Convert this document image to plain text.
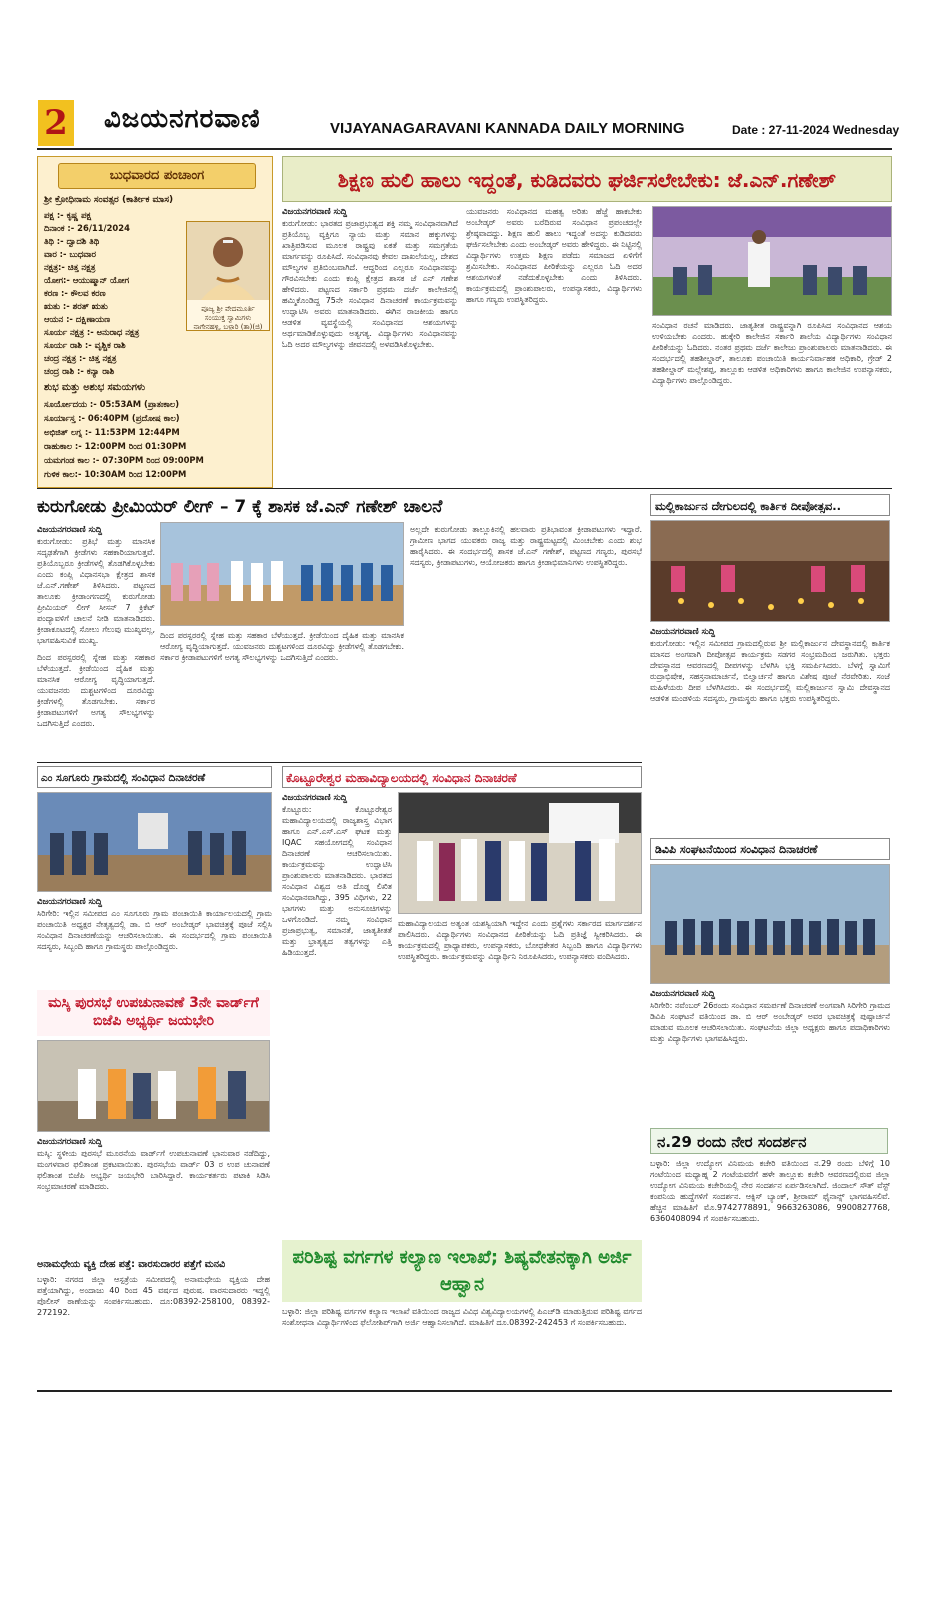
2 ವಿಜಯನಗರವಾಣಿ	VIJAYANAGARAVANI KANNADA DAILY MORNING	Date : 27-11-2024 Wednesday
ಬುಧವಾರದ ಪಂಚಾಂಗ
ಶ್ರೀ ಕ್ರೋಧಿನಾಮ ಸಂವತ್ಸರ (ಕಾರ್ತೀಕ ಮಾಸ)
ಪಕ್ಷ :- ಕೃಷ್ಣ ಪಕ್ಷ
ದಿನಾಂಕ :- 26/11/2024
ತಿಥಿ :- ದ್ವಾದಶಿ ತಿಥಿ
ವಾರ :- ಬುಧವಾರ
ನಕ್ಷತ್ರ:- ಚಿತ್ತ ನಕ್ಷತ್ರ
ಯೋಗ:- ಆಯುಷ್ಮಾನ್ ಯೋಗ
ಕರಣ :- ಕೌಲವ ಕರಣ
ಋತು :- ಶರತ್ ಋತು
ಆಯನ :- ದಕ್ಷಿಣಾಯಣ
ಸೂರ್ಯ ನಕ್ಷತ್ರ :- ಅನುರಾಧ ನಕ್ಷತ್ರ
ಸೂರ್ಯ ರಾಶಿ :- ವೃಶ್ಚಿಕ ರಾಶಿ
ಚಂದ್ರ ನಕ್ಷತ್ರ :- ಚಿತ್ತ ನಕ್ಷತ್ರ
ಚಂದ್ರ ರಾಶಿ :- ಕನ್ಯಾ ರಾಶಿ
ಶುಭ ಮತ್ತು ಅಶುಭ ಸಮಯಗಳು
ಸೂರ್ಯೋದಯ :- 05:53AM (ಪ್ರಾತಃಕಾಲ)
ಸೂರ್ಯಾಸ್ತ :- 06:40PM (ಪ್ರದೋಷ ಕಾಲ)
ಅಭಿಜಿತ್ ಲಗ್ನ :- 11:53PM 12:44PM
ರಾಹುಕಾಲ :- 12:00PM ರಿಂದ 01:30PM
ಯಮಗಂಡ ಕಾಲ :- 07:30PM ರಿಂದ 09:00PM
ಗುಳಿಕ ಕಾಲ:- 10:30AM ರಿಂದ 12:00PM
ಪೂಜ್ಯ ಶ್ರೀ ವೇದಮೂರ್ತಿ ಸಂಯುಕ್ತ ಸ್ವಾಮಿಗಳು ನಾಗೇನಹಳ್ಳಿ, ಬಳ್ಳಾರಿ (ತಾ)(ಜಿ)
ಶಿಕ್ಷಣ ಹುಲಿ ಹಾಲು ಇದ್ದಂತೆ, ಕುಡಿದವರು ಘರ್ಜಿಸಲೇಬೇಕು: ಜೆ.ಎನ್.ಗಣೇಶ್
ವಿಜಯನಗರವಾಣಿ ಸುದ್ದಿ
ಕುರುಗೋಡು: ಭಾರತದ ಪ್ರಜಾಪ್ರಭುತ್ವದ ಶಕ್ತಿ ನಮ್ಮ ಸಂವಿಧಾನವಾಗಿದೆ ಪ್ರತಿಯೊಬ್ಬ ವ್ಯಕ್ತಿಗೂ ನ್ಯಾಯ ಮತ್ತು ಸಮಾನ ಹಕ್ಕುಗಳನ್ನು ಖಾತ್ರಿಪಡಿಸುವ ಮೂಲಕ ರಾಷ್ಟ್ರವು ಏಕತೆ ಮತ್ತು ಸಮಗ್ರತೆಯ ಮಾರ್ಗವನ್ನು ರೂಪಿಸಿದೆ. ಸಂವಿಧಾನವು ಕೇವಲ ದಾಖಲೆಯಲ್ಲ, ದೇಶದ ಮೌಲ್ಯಗಳ ಪ್ರತಿಬಿಂಬವಾಗಿದೆ. ಆದ್ದರಿಂದ ಎಲ್ಲರೂ ಸಂವಿಧಾನವನ್ನು ಗೌರವಿಸಬೇಕು ಎಂದು ಕಂಪ್ಲಿ ಕ್ಷೇತ್ರದ ಶಾಸಕ ಜೆ ಎನ್ ಗಣೇಶ ಹೇಳಿದರು. ಪಟ್ಟಣದ ಸರ್ಕಾರಿ ಪ್ರಥಮ ದರ್ಜೆ ಕಾಲೇಜಿನಲ್ಲಿ ಹಮ್ಮಿಕೊಂಡಿದ್ದ 75ನೇ ಸಂವಿಧಾನ ದಿನಾಚರಣೆ ಕಾರ್ಯಕ್ರಮವನ್ನು ಉದ್ಘಾಟಿಸಿ ಅವರು ಮಾತನಾಡಿದರು. ಈಗಿನ ರಾಜಕೀಯ ಹಾಗೂ ಆಡಳಿತ ವ್ಯವಸ್ಥೆಯಲ್ಲಿ ಸಂವಿಧಾನದ ಆಶಯಗಳನ್ನು ಅರ್ಥಮಾಡಿಕೊಳ್ಳುವುದು ಅತ್ಯಗತ್ಯ. ವಿದ್ಯಾರ್ಥಿಗಳು ಸಂವಿಧಾನವನ್ನು ಓದಿ ಅದರ ಮೌಲ್ಯಗಳನ್ನು ಜೀವನದಲ್ಲಿ ಅಳವಡಿಸಿಕೊಳ್ಳಬೇಕು.
ಯುವಜನರು ಸಂವಿಧಾನದ ಮಹತ್ವ ಅರಿತು ಹೆಜ್ಜೆ ಹಾಕಬೇಕು ಅಂಬೇಡ್ಕರ್ ಅವರು ಬರೆದಿರುವ ಸಂವಿಧಾನ ಪ್ರಪಂಚದಲ್ಲೇ ಶ್ರೇಷ್ಠವಾದದ್ದು. ಶಿಕ್ಷಣ ಹುಲಿ ಹಾಲು ಇದ್ದಂತೆ ಅದನ್ನು ಕುಡಿದವರು ಘರ್ಜಿಸಲೇಬೇಕು ಎಂದು ಅಂಬೇಡ್ಕರ್ ಅವರು ಹೇಳಿದ್ದರು. ಈ ನಿಟ್ಟಿನಲ್ಲಿ ವಿದ್ಯಾರ್ಥಿಗಳು ಉತ್ತಮ ಶಿಕ್ಷಣ ಪಡೆದು ಸಮಾಜದ ಏಳಿಗೆಗೆ ಶ್ರಮಿಸಬೇಕು. ಸಂವಿಧಾನದ ಪೀಠಿಕೆಯನ್ನು ಎಲ್ಲರೂ ಓದಿ ಅದರ ಆಶಯಗಳಂತೆ ನಡೆದುಕೊಳ್ಳಬೇಕು ಎಂದು ತಿಳಿಸಿದರು. ಕಾರ್ಯಕ್ರಮದಲ್ಲಿ ಪ್ರಾಂಶುಪಾಲರು, ಉಪನ್ಯಾಸಕರು, ವಿದ್ಯಾರ್ಥಿಗಳು ಹಾಗೂ ಗಣ್ಯರು ಉಪಸ್ಥಿತರಿದ್ದರು.
ಸಂವಿಧಾನ ರಚನೆ ಮಾಡಿದರು. ಜಾತ್ಯತೀತ ರಾಷ್ಟ್ರವನ್ನಾಗಿ ರೂಪಿಸಿದ ಸಂವಿಧಾನದ ಆಶಯ ಉಳಿಯಬೇಕು ಎಂದರು. ಹುಕ್ಕೇರಿ ಕಾಲೇಜಿನ ಸರ್ಕಾರಿ ಶಾಲೆಯ ವಿದ್ಯಾರ್ಥಿಗಳು ಸಂವಿಧಾನ ಪೀಠಿಕೆಯನ್ನು ಓದಿದರು. ನಂತರ ಪ್ರಥಮ ದರ್ಜೆ ಕಾಲೇಜು ಪ್ರಾಂಶುಪಾಲರು ಮಾತನಾಡಿದರು. ಈ ಸಂದರ್ಭದಲ್ಲಿ ತಹಶೀಲ್ದಾರ್, ತಾಲೂಕು ಪಂಚಾಯಿತಿ ಕಾರ್ಯನಿರ್ವಾಹಕ ಅಧಿಕಾರಿ, ಗ್ರೇಡ್ 2 ತಹಶೀಲ್ದಾರ್ ಮಲ್ಲೇಶಪ್ಪ, ತಾಲ್ಲೂಕು ಆಡಳಿತ ಅಧಿಕಾರಿಗಳು ಹಾಗೂ ಕಾಲೇಜಿನ ಉಪನ್ಯಾಸಕರು, ವಿದ್ಯಾರ್ಥಿಗಳು ಪಾಲ್ಗೊಂಡಿದ್ದರು.
ಕುರುಗೋಡು ಪ್ರೀಮಿಯರ್ ಲೀಗ್ – 7 ಕ್ಕೆ ಶಾಸಕ ಜೆ.ಎನ್ ಗಣೇಶ್ ಚಾಲನೆ
ವಿಜಯನಗರವಾಣಿ ಸುದ್ದಿ
ಕುರುಗೋಡು: ಪ್ರತಿಭೆ ಮತ್ತು ಮಾನಸಿಕ ಸದೃಢತೆಗಾಗಿ ಕ್ರೀಡೆಗಳು ಸಹಕಾರಿಯಾಗುತ್ತವೆ. ಪ್ರತಿಯೊಬ್ಬರೂ ಕ್ರೀಡೆಗಳಲ್ಲಿ ತೊಡಗಿಕೊಳ್ಳಬೇಕು ಎಂದು ಕಂಪ್ಲಿ ವಿಧಾನಸಭಾ ಕ್ಷೇತ್ರದ ಶಾಸಕ ಜೆ.ಎನ್.ಗಣೇಶ್ ತಿಳಿಸಿದರು. ಪಟ್ಟಣದ ತಾಲೂಕು ಕ್ರೀಡಾಂಗಣದಲ್ಲಿ ಕುರುಗೋಡು ಪ್ರೀಮಿಯರ್ ಲೀಗ್ ಸೀಸನ್ 7 ಕ್ರಿಕೆಟ್ ಪಂದ್ಯಾವಳಿಗೆ ಚಾಲನೆ ನೀಡಿ ಮಾತನಾಡಿದರು. ಕ್ರೀಡಾಕೂಟದಲ್ಲಿ ಸೋಲು ಗೆಲುವು ಮುಖ್ಯವಲ್ಲ, ಭಾಗವಹಿಸುವಿಕೆ ಮುಖ್ಯ.
ದಿಂದ ಪರಸ್ಪರರಲ್ಲಿ ಸ್ನೇಹ ಮತ್ತು ಸಹಕಾರ ಬೆಳೆಯುತ್ತದೆ. ಕ್ರೀಡೆಯಿಂದ ದೈಹಿಕ ಮತ್ತು ಮಾನಸಿಕ ಆರೋಗ್ಯ ವೃದ್ಧಿಯಾಗುತ್ತದೆ. ಯುವಜನರು ದುಶ್ಚಟಗಳಿಂದ ದೂರವಿದ್ದು ಕ್ರೀಡೆಗಳಲ್ಲಿ ತೊಡಗಬೇಕು. ಸರ್ಕಾರ ಕ್ರೀಡಾಪಟುಗಳಿಗೆ ಅಗತ್ಯ ಸೌಲಭ್ಯಗಳನ್ನು ಒದಗಿಸುತ್ತಿದೆ ಎಂದರು.
ಅಲ್ಲದೇ ಕುರುಗೋಡು ತಾಲ್ಲೂಕಿನಲ್ಲಿ ಹಲವಾರು ಪ್ರತಿಭಾವಂತ ಕ್ರೀಡಾಪಟುಗಳು ಇದ್ದಾರೆ. ಗ್ರಾಮೀಣ ಭಾಗದ ಯುವಕರು ರಾಜ್ಯ ಮತ್ತು ರಾಷ್ಟ್ರಮಟ್ಟದಲ್ಲಿ ಮಿಂಚಬೇಕು ಎಂದು ಶುಭ ಹಾರೈಸಿದರು. ಈ ಸಂದರ್ಭದಲ್ಲಿ ಶಾಸಕ ಜೆ.ಎನ್ ಗಣೇಶ್, ಪಟ್ಟಣದ ಗಣ್ಯರು, ಪುರಸಭೆ ಸದಸ್ಯರು, ಕ್ರೀಡಾಪಟುಗಳು, ಆಯೋಜಕರು ಹಾಗೂ ಕ್ರೀಡಾಭಿಮಾನಿಗಳು ಉಪಸ್ಥಿತರಿದ್ದರು.
ದಿಂದ ಪರಸ್ಪರರಲ್ಲಿ ಸ್ನೇಹ ಮತ್ತು ಸಹಕಾರ ಬೆಳೆಯುತ್ತದೆ. ಕ್ರೀಡೆಯಿಂದ ದೈಹಿಕ ಮತ್ತು ಮಾನಸಿಕ ಆರೋಗ್ಯ ವೃದ್ಧಿಯಾಗುತ್ತದೆ. ಯುವಜನರು ದುಶ್ಚಟಗಳಿಂದ ದೂರವಿದ್ದು ಕ್ರೀಡೆಗಳಲ್ಲಿ ತೊಡಗಬೇಕು. ಸರ್ಕಾರ ಕ್ರೀಡಾಪಟುಗಳಿಗೆ ಅಗತ್ಯ ಸೌಲಭ್ಯಗಳನ್ನು ಒದಗಿಸುತ್ತಿದೆ ಎಂದರು.
ಮಲ್ಲಿಕಾರ್ಜುನ ದೇಗುಲದಲ್ಲಿ ಕಾರ್ತಿಕ ದೀಪೋತ್ಸವ..
ವಿಜಯನಗರವಾಣಿ ಸುದ್ದಿ
ಕುರುಗೋಡು: ಇಲ್ಲಿನ ಸಮೀಪದ ಗ್ರಾಮದಲ್ಲಿರುವ ಶ್ರೀ ಮಲ್ಲಿಕಾರ್ಜುನ ದೇವಸ್ಥಾನದಲ್ಲಿ ಕಾರ್ತಿಕ ಮಾಸದ ಅಂಗವಾಗಿ ದೀಪೋತ್ಸವ ಕಾರ್ಯಕ್ರಮ ಸಡಗರ ಸಂಭ್ರಮದಿಂದ ಜರುಗಿತು. ಭಕ್ತರು ದೇವಸ್ಥಾನದ ಆವರಣದಲ್ಲಿ ದೀಪಗಳನ್ನು ಬೆಳಗಿಸಿ ಭಕ್ತಿ ಸಮರ್ಪಿಸಿದರು. ಬೆಳಗ್ಗೆ ಸ್ವಾಮಿಗೆ ರುದ್ರಾಭಿಷೇಕ, ಸಹಸ್ರನಾಮಾರ್ಚನೆ, ಬಿಲ್ವಾರ್ಚನೆ ಹಾಗೂ ವಿಶೇಷ ಪೂಜೆ ನೆರವೇರಿತು. ಸಂಜೆ ಮಹಿಳೆಯರು ದೀಪ ಬೆಳಗಿಸಿದರು. ಈ ಸಂದರ್ಭದಲ್ಲಿ ಮಲ್ಲಿಕಾರ್ಜುನ ಸ್ವಾಮಿ ದೇವಸ್ಥಾನದ ಆಡಳಿತ ಮಂಡಳಿಯ ಸದಸ್ಯರು, ಗ್ರಾಮಸ್ಥರು ಹಾಗೂ ಭಕ್ತರು ಉಪಸ್ಥಿತರಿದ್ದರು.
ಎಂ ಸೂಗೂರು ಗ್ರಾಮದಲ್ಲಿ ಸಂವಿಧಾನ ದಿನಾಚರಣೆ
ವಿಜಯನಗರವಾಣಿ ಸುದ್ದಿ
ಸಿರಿಗೇರಿ: ಇಲ್ಲಿನ ಸಮೀಪದ ಎಂ ಸೂಗೂರು ಗ್ರಾಮ ಪಂಚಾಯಿತಿ ಕಾರ್ಯಾಲಯದಲ್ಲಿ ಗ್ರಾಮ ಪಂಚಾಯಿತಿ ಅಧ್ಯಕ್ಷರ ನೇತೃತ್ವದಲ್ಲಿ ಡಾ. ಬಿ ಆರ್ ಅಂಬೇಡ್ಕರ್ ಭಾವಚಿತ್ರಕ್ಕೆ ಪೂಜೆ ಸಲ್ಲಿಸಿ ಸಂವಿಧಾನ ದಿನಾಚರಣೆಯನ್ನು ಆಚರಿಸಲಾಯಿತು. ಈ ಸಂದರ್ಭದಲ್ಲಿ ಗ್ರಾಮ ಪಂಚಾಯಿತಿ ಸದಸ್ಯರು, ಸಿಬ್ಬಂದಿ ಹಾಗೂ ಗ್ರಾಮಸ್ಥರು ಪಾಲ್ಗೊಂಡಿದ್ದರು.
ಕೊಟ್ಟೂರೇಶ್ವರ ಮಹಾವಿದ್ಯಾಲಯದಲ್ಲಿ ಸಂವಿಧಾನ ದಿನಾಚರಣೆ
ವಿಜಯನಗರವಾಣಿ ಸುದ್ದಿ
ಕೊಟ್ಟೂರು: ಕೊಟ್ಟೂರೇಶ್ವರ ಮಹಾವಿದ್ಯಾಲಯದಲ್ಲಿ ರಾಜ್ಯಶಾಸ್ತ್ರ ವಿಭಾಗ ಹಾಗೂ ಎನ್.ಎಸ್.ಎಸ್ ಘಟಕ ಮತ್ತು IQAC ಸಹಯೋಗದಲ್ಲಿ ಸಂವಿಧಾನ ದಿನಾಚರಣೆ ಆಚರಿಸಲಾಯಿತು. ಕಾರ್ಯಕ್ರಮವನ್ನು ಉದ್ಘಾಟಿಸಿ ಪ್ರಾಂಶುಪಾಲರು ಮಾತನಾಡಿದರು. ಭಾರತದ ಸಂವಿಧಾನ ವಿಶ್ವದ ಅತಿ ದೊಡ್ಡ ಲಿಖಿತ ಸಂವಿಧಾನವಾಗಿದ್ದು, 395 ವಿಧಿಗಳು, 22 ಭಾಗಗಳು ಮತ್ತು ಅನುಸೂಚಿಗಳನ್ನು ಒಳಗೊಂಡಿದೆ. ನಮ್ಮ ಸಂವಿಧಾನ ಪ್ರಜಾಪ್ರಭುತ್ವ, ಸಮಾನತೆ, ಜಾತ್ಯತೀತತೆ ಮತ್ತು ಭ್ರಾತೃತ್ವದ ತತ್ವಗಳನ್ನು ಎತ್ತಿ ಹಿಡಿಯುತ್ತದೆ.
ಮಹಾವಿದ್ಯಾಲಯದ ಅತ್ಯಂತ ಯಶಸ್ವಿಯಾಗಿ ಇದ್ದೇನ ಎಂದು ಪ್ರಶ್ನೆಗಳು ಸರ್ಕಾರದ ಮಾರ್ಗದರ್ಶನ ಪಾಲಿಸಿದರು. ವಿದ್ಯಾರ್ಥಿಗಳು ಸಂವಿಧಾನದ ಪೀಠಿಕೆಯನ್ನು ಓದಿ ಪ್ರತಿಜ್ಞೆ ಸ್ವೀಕರಿಸಿದರು. ಈ ಕಾರ್ಯಕ್ರಮದಲ್ಲಿ ಪ್ರಾಧ್ಯಾಪಕರು, ಉಪನ್ಯಾಸಕರು, ಬೋಧಕೇತರ ಸಿಬ್ಬಂದಿ ಹಾಗೂ ವಿದ್ಯಾರ್ಥಿಗಳು ಉಪಸ್ಥಿತರಿದ್ದರು. ಕಾರ್ಯಕ್ರಮವನ್ನು ವಿದ್ಯಾರ್ಥಿನಿ ನಿರೂಪಿಸಿದರು, ಉಪನ್ಯಾಸಕರು ವಂದಿಸಿದರು.
ಡಿವಿಪಿ ಸಂಘಟನೆಯಿಂದ ಸಂವಿಧಾನ ದಿನಾಚರಣೆ
ವಿಜಯನಗರವಾಣಿ ಸುದ್ದಿ
ಸಿರಿಗೇರಿ: ನವೆಂಬರ್ 26ರಂದು ಸಂವಿಧಾನ ಸಮರ್ಪಣೆ ದಿನಾಚರಣೆ ಅಂಗವಾಗಿ ಸಿರಿಗೇರಿ ಗ್ರಾಮದ ಡಿವಿಪಿ ಸಂಘಟನೆ ವತಿಯಿಂದ ಡಾ. ಬಿ ಆರ್ ಅಂಬೇಡ್ಕರ್ ಅವರ ಭಾವಚಿತ್ರಕ್ಕೆ ಪುಷ್ಪಾರ್ಚನೆ ಮಾಡುವ ಮೂಲಕ ಆಚರಿಸಲಾಯಿತು. ಸಂಘಟನೆಯ ಜಿಲ್ಲಾ ಅಧ್ಯಕ್ಷರು ಹಾಗೂ ಪದಾಧಿಕಾರಿಗಳು ಮತ್ತು ವಿದ್ಯಾರ್ಥಿಗಳು ಭಾಗವಹಿಸಿದ್ದರು.
ಮಸ್ಕಿ ಪುರಸಭೆ ಉಪಚುನಾವಣೆ 3ನೇ ವಾರ್ಡ್‌ಗೆ ಬಿಜೆಪಿ ಅಭ್ಯರ್ಥಿ ಜಯಭೇರಿ
ವಿಜಯನಗರವಾಣಿ ಸುದ್ದಿ
ಮಸ್ಕಿ: ಸ್ಥಳೀಯ ಪುರಸಭೆ ಮೂರನೆಯ ವಾರ್ಡ್‌ಗೆ ಉಪಚುನಾವಣೆ ಭಾನುವಾರ ನಡೆದಿದ್ದು, ಮಂಗಳವಾರ ಫಲಿತಾಂಶ ಪ್ರಕಟವಾಯಿತು. ಪುರಸಭೆಯ ವಾರ್ಡ್ 03 ರ ಉಪ ಚುನಾವಣೆ ಫಲಿತಾಂಶ ಬಿಜೆಪಿ ಅಭ್ಯರ್ಥಿ ಜಯಭೇರಿ ಬಾರಿಸಿದ್ದಾರೆ. ಕಾರ್ಯಕರ್ತರು ಪಟಾಕಿ ಸಿಡಿಸಿ ಸಂಭ್ರಮಾಚರಣೆ ಮಾಡಿದರು.
ಅನಾಮಧೇಯ ವ್ಯಕ್ತಿ ದೇಹ ಪತ್ತೆ: ವಾರಸುದಾರರ ಪತ್ತೆಗೆ ಮನವಿ
ಬಳ್ಳಾರಿ: ನಗರದ ಜಿಲ್ಲಾ ಆಸ್ಪತ್ರೆಯ ಸಮೀಪದಲ್ಲಿ ಅನಾಮಧೇಯ ವ್ಯಕ್ತಿಯ ದೇಹ ಪತ್ತೆಯಾಗಿದ್ದು, ಅಂದಾಜು 40 ರಿಂದ 45 ವರ್ಷದ ಪುರುಷ. ವಾರಸುದಾರರು ಇದ್ದಲ್ಲಿ ಪೊಲೀಸ್ ಠಾಣೆಯನ್ನು ಸಂಪರ್ಕಿಸಬಹುದು. ದೂ:08392-258100, 08392-272192.
ಪರಿಶಿಷ್ಟ ವರ್ಗಗಳ ಕಲ್ಯಾಣ ಇಲಾಖೆ; ಶಿಷ್ಯವೇತನಕ್ಕಾಗಿ ಅರ್ಜಿ ಆಹ್ವಾನ
ಬಳ್ಳಾರಿ: ಜಿಲ್ಲಾ ಪರಿಶಿಷ್ಟ ವರ್ಗಗಳ ಕಲ್ಯಾಣ ಇಲಾಖೆ ವತಿಯಿಂದ ರಾಜ್ಯದ ವಿವಿಧ ವಿಶ್ವವಿದ್ಯಾಲಯಗಳಲ್ಲಿ ಪಿಎಚ್‌ಡಿ ಮಾಡುತ್ತಿರುವ ಪರಿಶಿಷ್ಟ ವರ್ಗದ ಸಂಶೋಧನಾ ವಿದ್ಯಾರ್ಥಿಗಳಿಂದ ಫೆಲೋಶಿಪ್‌ಗಾಗಿ ಅರ್ಜಿ ಆಹ್ವಾನಿಸಲಾಗಿದೆ. ಮಾಹಿತಿಗೆ ದೂ.08392-242453 ಗೆ ಸಂಪರ್ಕಿಸಬಹುದು.
ನ.29 ರಂದು ನೇರ ಸಂದರ್ಶನ
ಬಳ್ಳಾರಿ: ಜಿಲ್ಲಾ ಉದ್ಯೋಗ ವಿನಿಮಯ ಕಚೇರಿ ವತಿಯಿಂದ ನ.29 ರಂದು ಬೆಳಿಗ್ಗೆ 10 ಗಂಟೆಯಿಂದ ಮಧ್ಯಾಹ್ನ 2 ಗಂಟೆಯವರೆಗೆ ಹಳೇ ತಾಲ್ಲೂಕು ಕಚೇರಿ ಆವರಣದಲ್ಲಿರುವ ಜಿಲ್ಲಾ ಉದ್ಯೋಗ ವಿನಿಮಯ ಕಚೇರಿಯಲ್ಲಿ ನೇರ ಸಂದರ್ಶನ ಏರ್ಪಡಿಸಲಾಗಿದೆ. ಜಿಂದಾಲ್ ಸೌತ್ ವೆಸ್ಟ್ ಕಂಪನಿಯ ಹುದ್ದೆಗಳಿಗೆ ಸಂದರ್ಶನ. ಆಕ್ಸಿಸ್ ಬ್ಯಾಂಕ್, ಶ್ರೀರಾಮ್ ಫೈನಾನ್ಸ್ ಭಾಗವಹಿಸಲಿವೆ. ಹೆಚ್ಚಿನ ಮಾಹಿತಿಗೆ ಮೊ.9742778891, 9663263086, 9900827768, 6360408094 ಗೆ ಸಂಪರ್ಕಿಸಬಹುದು.
